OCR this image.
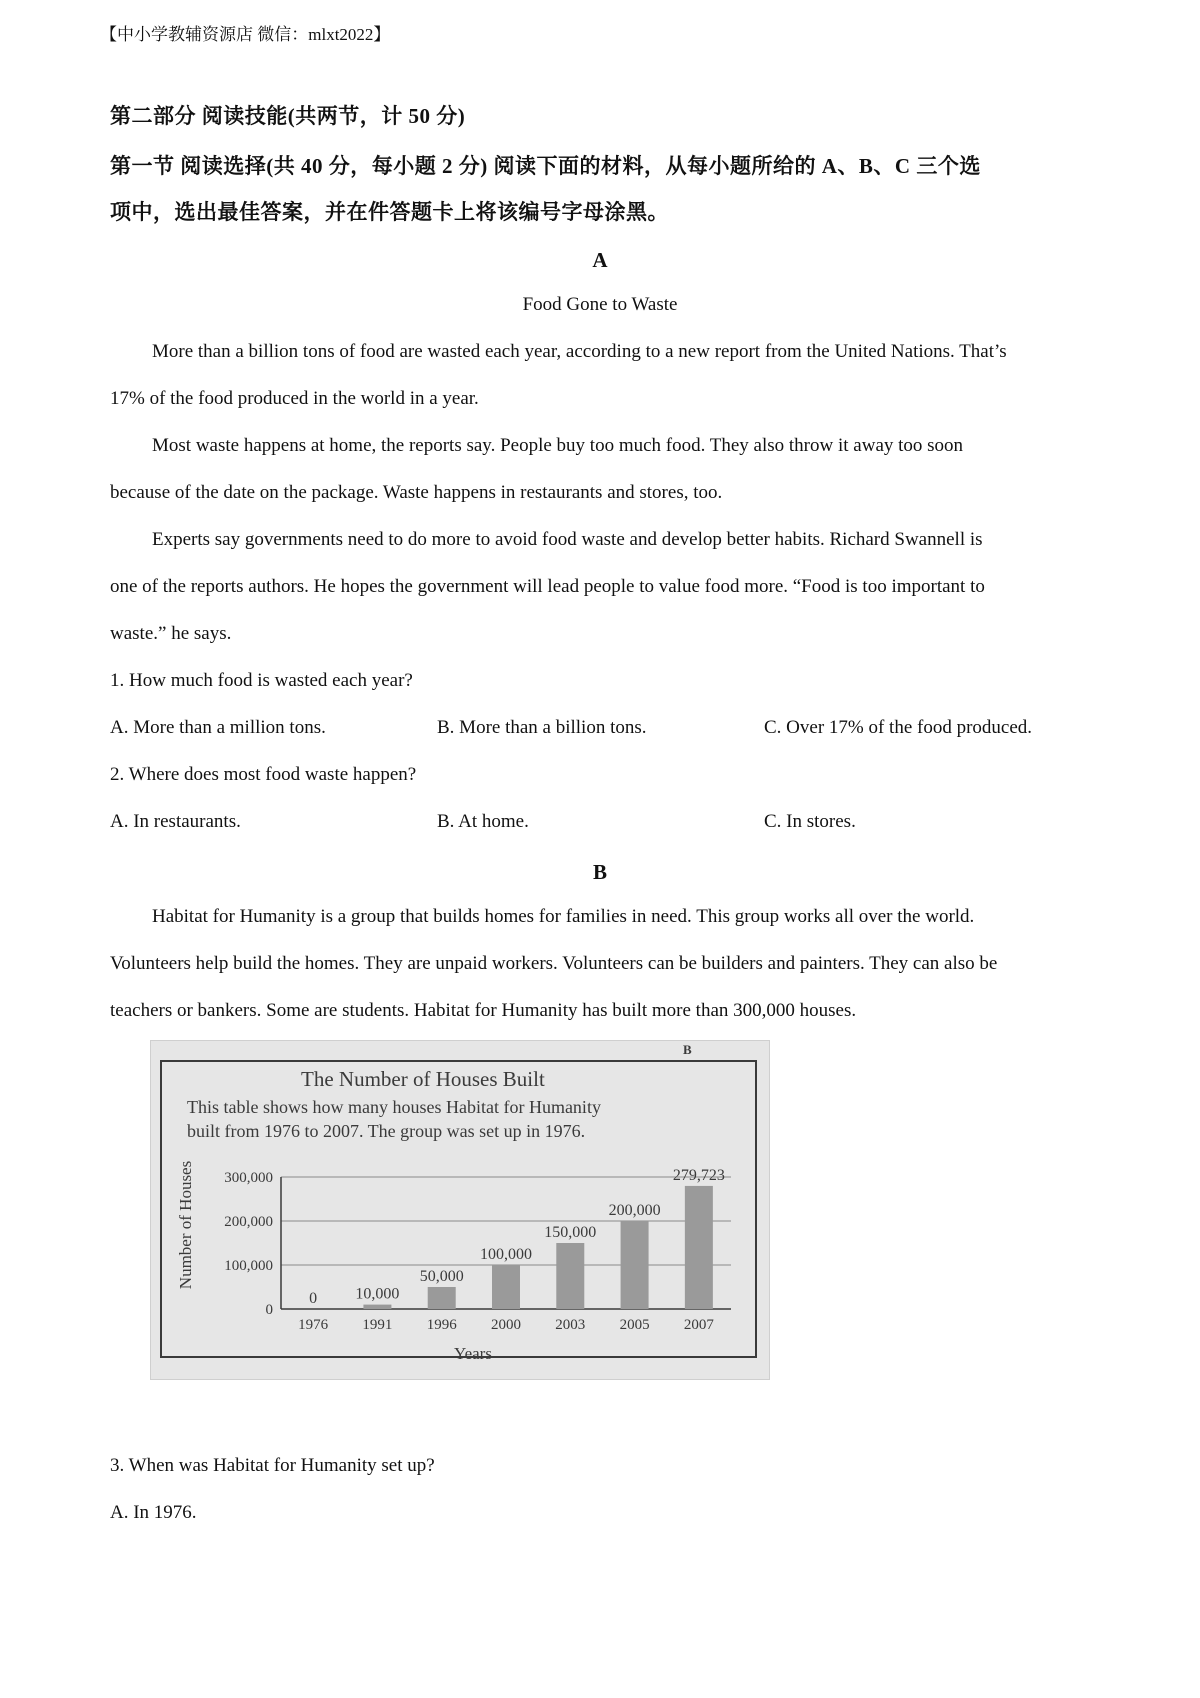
【中小学教辅资源店 微信：mlxt2022】
第二部分 阅读技能(共两节，计 50 分)
第一节 阅读选择(共 40 分，每小题 2 分) 阅读下面的材料，从每小题所给的 A、B、C 三个选
项中，选出最佳答案，并在件答题卡上将该编号字母涂黑。
A
Food Gone to Waste
More than a billion tons of food are wasted each year, according to a new report from the United Nations. That’s
17% of the food produced in the world in a year.
Most waste happens at home, the reports say. People buy too much food. They also throw it away too soon
because of the date on the package. Waste happens in restaurants and stores, too.
Experts say governments need to do more to avoid food waste and develop better habits. Richard Swannell is
one of the reports authors. He hopes the government will lead people to value food more. “Food is too important to
waste.” he says.
1. How much food is wasted each year?
A. More than a million tons.	B. More than a billion tons.	C. Over 17% of the food produced.
2. Where does most food waste happen?
A. In restaurants.	B. At home.	C. In stores.
B
Habitat for Humanity is a group that builds homes for families in need. This group works all over the world.
Volunteers help build the homes. They are unpaid workers. Volunteers can be builders and painters. They can also be
teachers or bankers. Some are students. Habitat for Humanity has built more than 300,000 houses.
B
The Number of Houses Built
This table shows how many houses Habitat for Humanity
built from 1976 to 2007. The group was set up in 1976.
Number of Houses
Years
0
100,000
200,000
300,000
0
1976
10,000
1991
50,000
1996
100,000
2000
150,000
2003
200,000
2005
279,723
2007
3. When was Habitat for Humanity set up?
A. In 1976.
